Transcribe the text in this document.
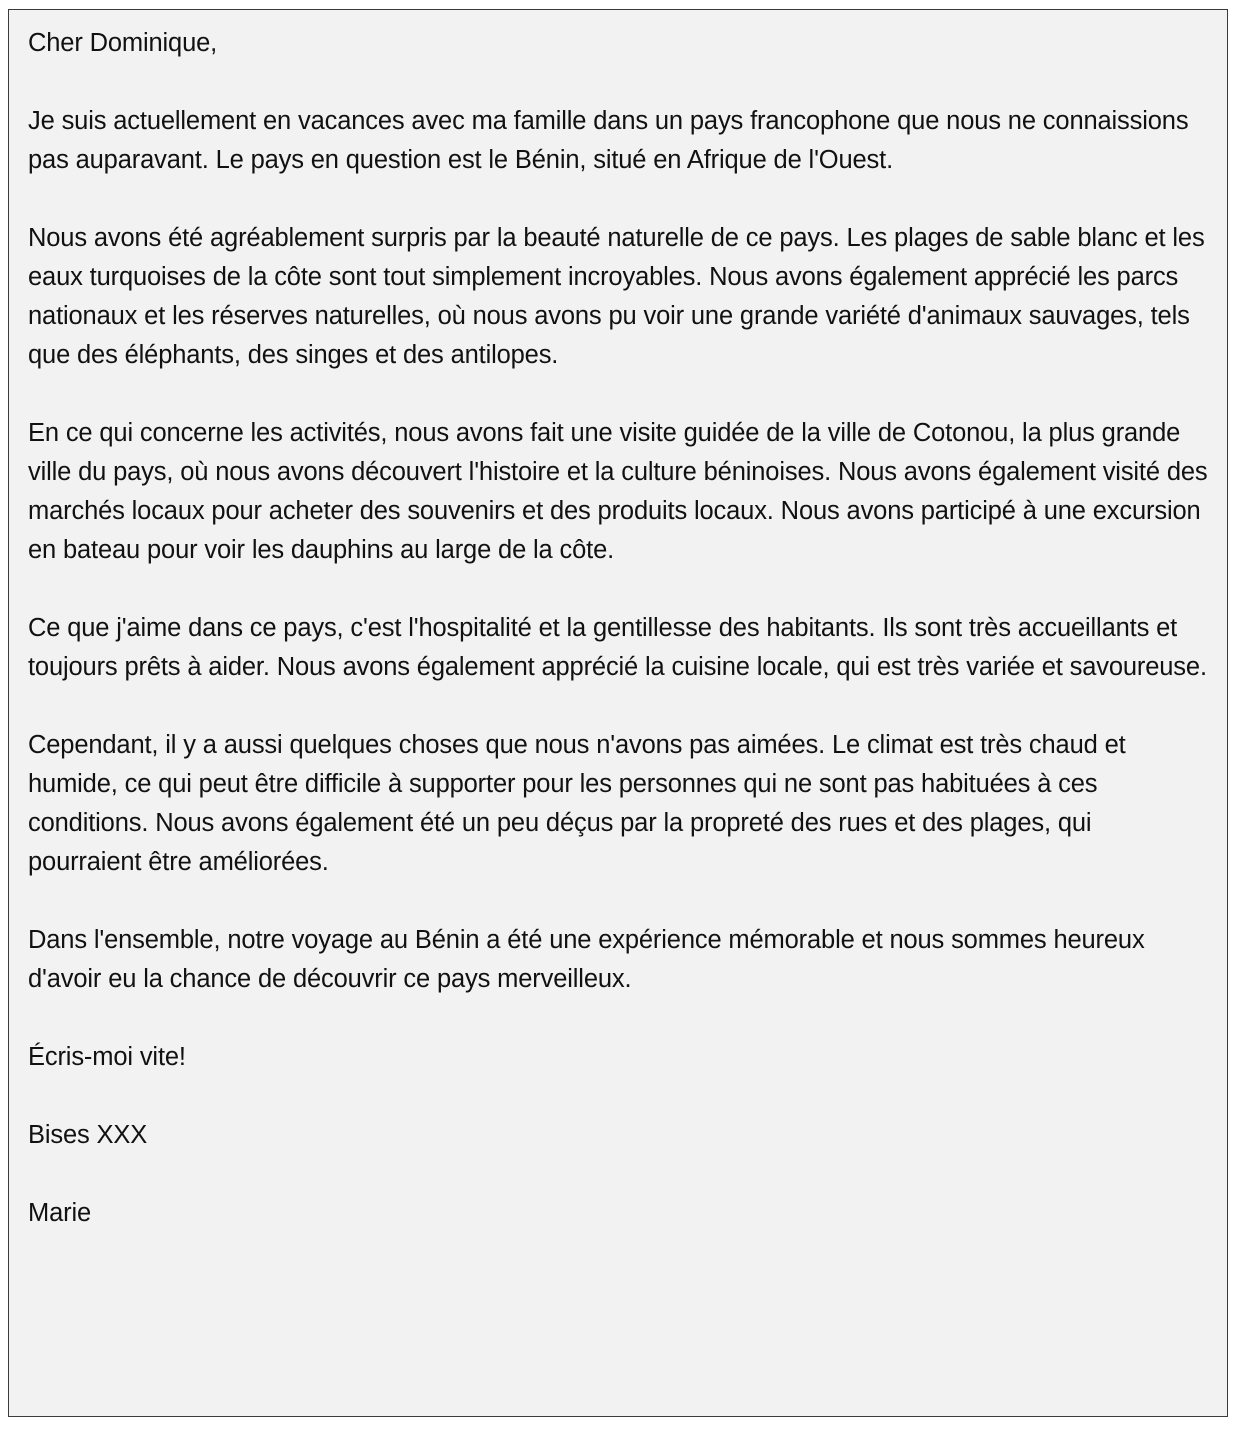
Cher Dominique,

Je suis actuellement en vacances avec ma famille dans un pays francophone que nous ne connaissions pas auparavant. Le pays en question est le Bénin, situé en Afrique de l'Ouest.

Nous avons été agréablement surpris par la beauté naturelle de ce pays. Les plages de sable blanc et les eaux turquoises de la côte sont tout simplement incroyables. Nous avons également apprécié les parcs nationaux et les réserves naturelles, où nous avons pu voir une grande variété d'animaux sauvages, tels que des éléphants, des singes et des antilopes.

En ce qui concerne les activités, nous avons fait une visite guidée de la ville de Cotonou, la plus grande ville du pays, où nous avons découvert l'histoire et la culture béninoises. Nous avons également visité des marchés locaux pour acheter des souvenirs et des produits locaux. Nous avons participé à une excursion en bateau pour voir les dauphins au large de la côte.

Ce que j'aime dans ce pays, c'est l'hospitalité et la gentillesse des habitants. Ils sont très accueillants et toujours prêts à aider. Nous avons également apprécié la cuisine locale, qui est très variée et savoureuse.

Cependant, il y a aussi quelques choses que nous n'avons pas aimées. Le climat est très chaud et humide, ce qui peut être difficile à supporter pour les personnes qui ne sont pas habituées à ces conditions. Nous avons également été un peu déçus par la propreté des rues et des plages, qui pourraient être améliorées.

Dans l'ensemble, notre voyage au Bénin a été une expérience mémorable et nous sommes heureux d'avoir eu la chance de découvrir ce pays merveilleux.

Écris-moi vite!

Bises XXX

Marie
